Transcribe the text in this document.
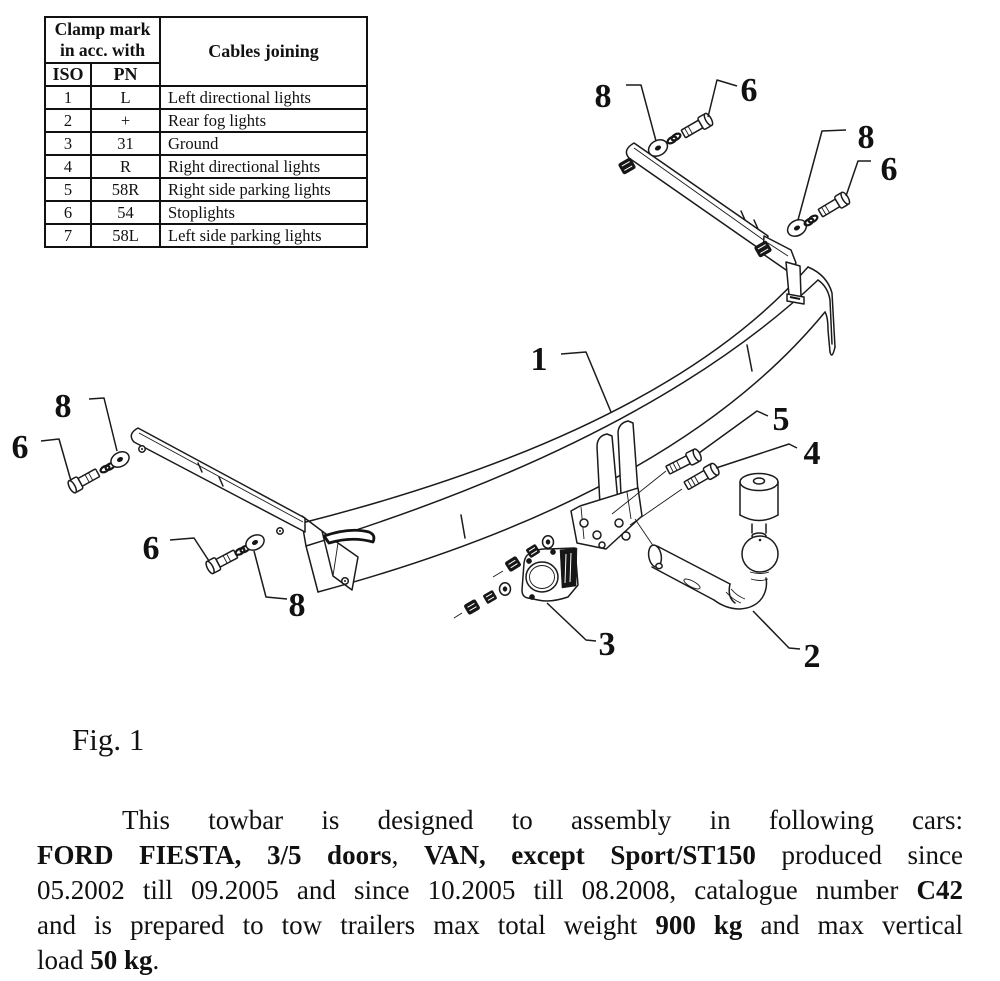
Clamp mark
in acc. with		Cables joining
ISO	PN	
1	L	Left directional lights
2	+	Rear fog lights
3	31	Ground
4	R	Right directional lights
5	58R	Right side parking lights
6	54	Stoplights
7	58L	Left side parking lights
1
2
3
4
5
6
8
8
6
8
6
6
8
Fig. 1
This towbar is designed to assembly in following cars:
FORD FIESTA, 3/5 doors, VAN, except Sport/ST150 produced since
05.2002 till 09.2005 and since 10.2005 till 08.2008, catalogue number C42
and is prepared to tow trailers max total weight 900 kg and max vertical
load 50 kg.
